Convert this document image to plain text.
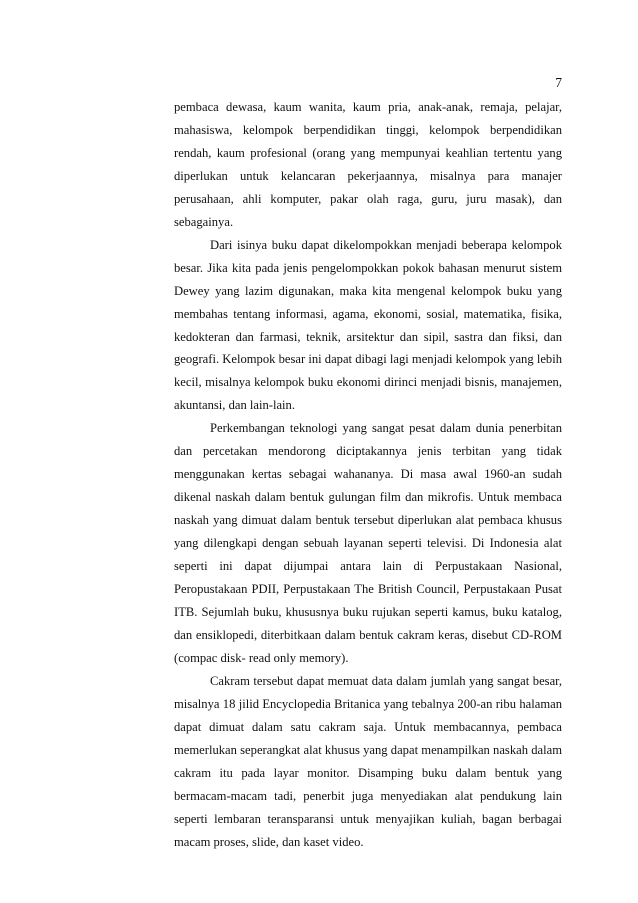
7

pembaca dewasa, kaum wanita, kaum pria, anak-anak, remaja, pelajar, mahasiswa, kelompok berpendidikan tinggi, kelompok berpendidikan rendah, kaum profesional (orang yang mempunyai keahlian tertentu yang diperlukan untuk kelancaran pekerjaannya, misalnya para manajer perusahaan, ahli komputer, pakar olah raga, guru, juru masak), dan sebagainya.

Dari isinya buku dapat dikelompokkan menjadi beberapa kelompok besar. Jika kita pada jenis pengelompokkan pokok bahasan menurut sistem Dewey yang lazim digunakan, maka kita mengenal kelompok buku yang membahas tentang informasi, agama, ekonomi, sosial, matematika, fisika, kedokteran dan farmasi, teknik, arsitektur dan sipil, sastra dan fiksi, dan geografi. Kelompok besar ini dapat dibagi lagi menjadi kelompok yang lebih kecil, misalnya kelompok buku ekonomi dirinci menjadi bisnis, manajemen, akuntansi, dan lain-lain.

Perkembangan teknologi yang sangat pesat dalam dunia penerbitan dan percetakan mendorong diciptakannya jenis terbitan yang tidak menggunakan kertas sebagai wahananya. Di masa awal 1960-an sudah dikenal naskah dalam bentuk gulungan film dan mikrofis. Untuk membaca naskah yang dimuat dalam bentuk tersebut diperlukan alat pembaca khusus yang dilengkapi dengan sebuah layanan seperti televisi. Di Indonesia alat seperti ini dapat dijumpai antara lain di Perpustakaan Nasional, Peropustakaan PDII, Perpustakaan The British Council, Perpustakaan Pusat ITB. Sejumlah buku, khususnya buku rujukan seperti kamus, buku katalog, dan ensiklopedi, diterbitkaan dalam bentuk cakram keras, disebut CD-ROM (compac disk- read only memory).

Cakram tersebut dapat memuat data dalam jumlah yang sangat besar, misalnya 18 jilid Encyclopedia Britanica yang tebalnya 200-an ribu halaman dapat dimuat dalam satu cakram saja. Untuk membacannya, pembaca memerlukan seperangkat alat khusus yang dapat menampilkan naskah dalam cakram itu pada layar monitor. Disamping buku dalam bentuk yang bermacam-macam tadi, penerbit juga menyediakan alat pendukung lain seperti lembaran teransparansi untuk menyajikan kuliah, bagan berbagai macam proses, slide, dan kaset video.
